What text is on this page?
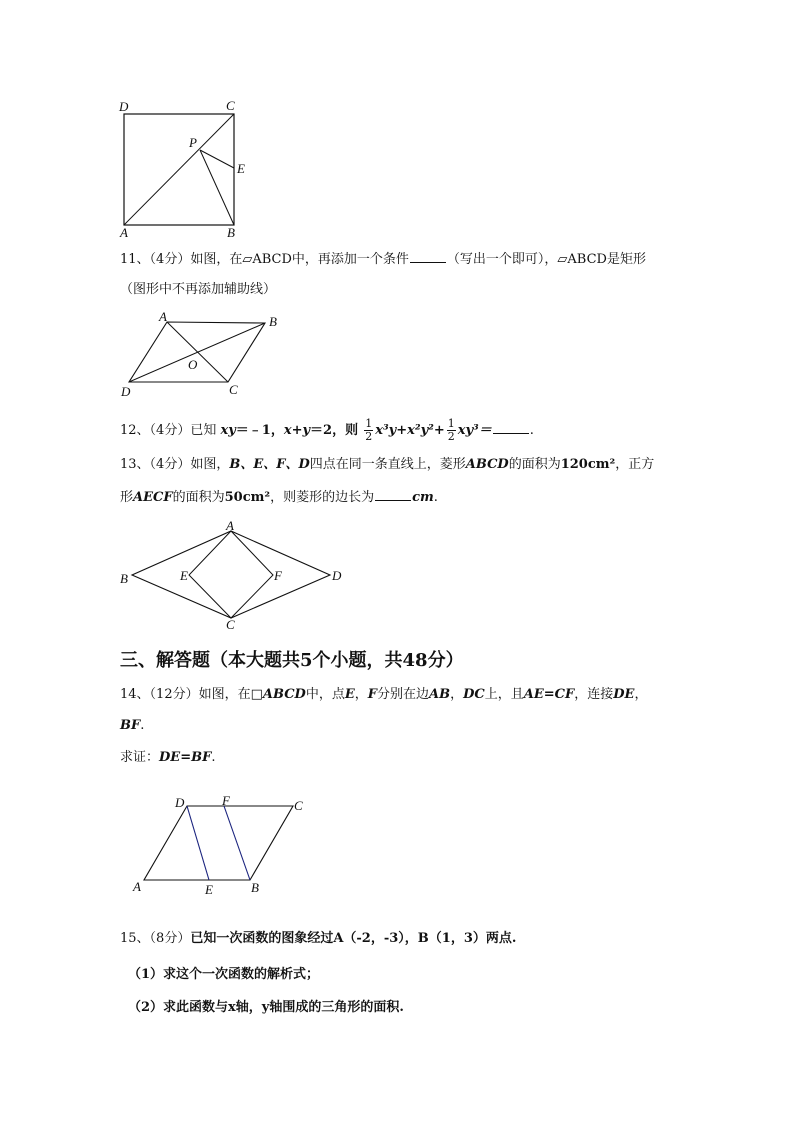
D	C
P
E
A	B
11、（4分）如图，在▱ABCD中，再添加一个条件	（写出一个即可），▱ABCD是矩形
（图形中不再添加辅助线）
A	B
O
D	C
12、（4分）已知 xy＝﹣1，x+y＝2，则 $\frac{1}{2} x^3y+x^2y^2+ \frac{1}{2} xy^3=$	.
13、（4分）如图，B、E、F、D四点在同一条直线上，菱形ABCD的面积为120cm²，正方
形AECF的面积为50cm²，则菱形的边长为	cm.
A
B	E	F	D
C
三、解答题（本大题共5个小题，共48分）
14、（12分）如图，在□ABCD中，点E，F分别在边AB，DC上，且AE=CF，连接DE，
BF.
求证：DE=BF.
D	F	C
A	E	B
15、（8分）已知一次函数的图象经过A（-2，-3），B（1，3）两点.
（1）求这个一次函数的解析式；
（2）求此函数与x轴，y轴围成的三角形的面积.
